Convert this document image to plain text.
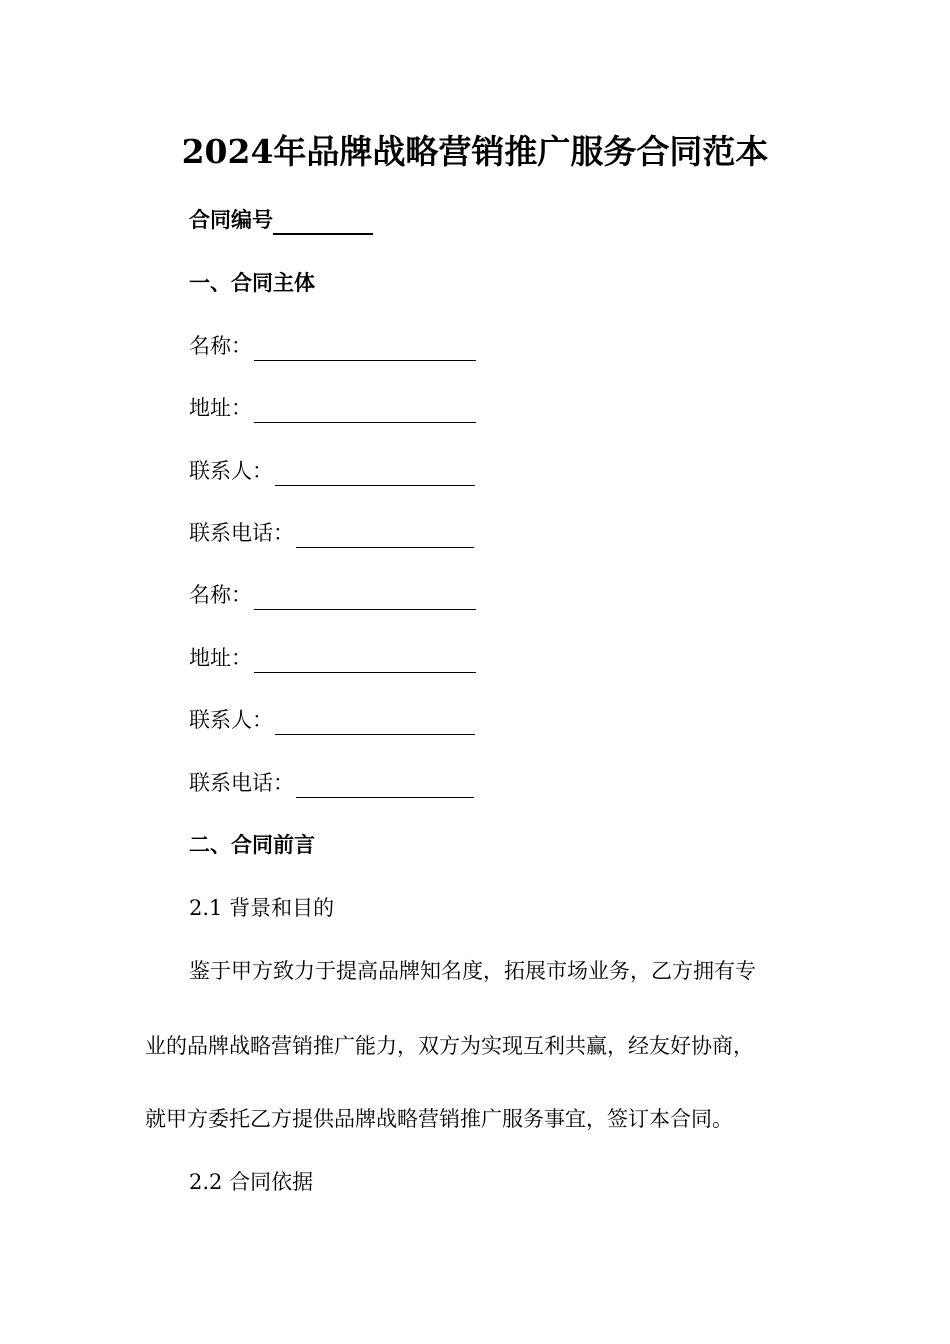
2024年品牌战略营销推广服务合同范本
合同编号
一、合同主体
名称：
地址：
联系人：
联系电话：
名称：
地址：
联系人：
联系电话：
二、合同前言
2.1 背景和目的
鉴于甲方致力于提高品牌知名度，拓展市场业务，乙方拥有专
业的品牌战略营销推广能力，双方为实现互利共赢，经友好协商，
就甲方委托乙方提供品牌战略营销推广服务事宜，签订本合同。
2.2 合同依据
